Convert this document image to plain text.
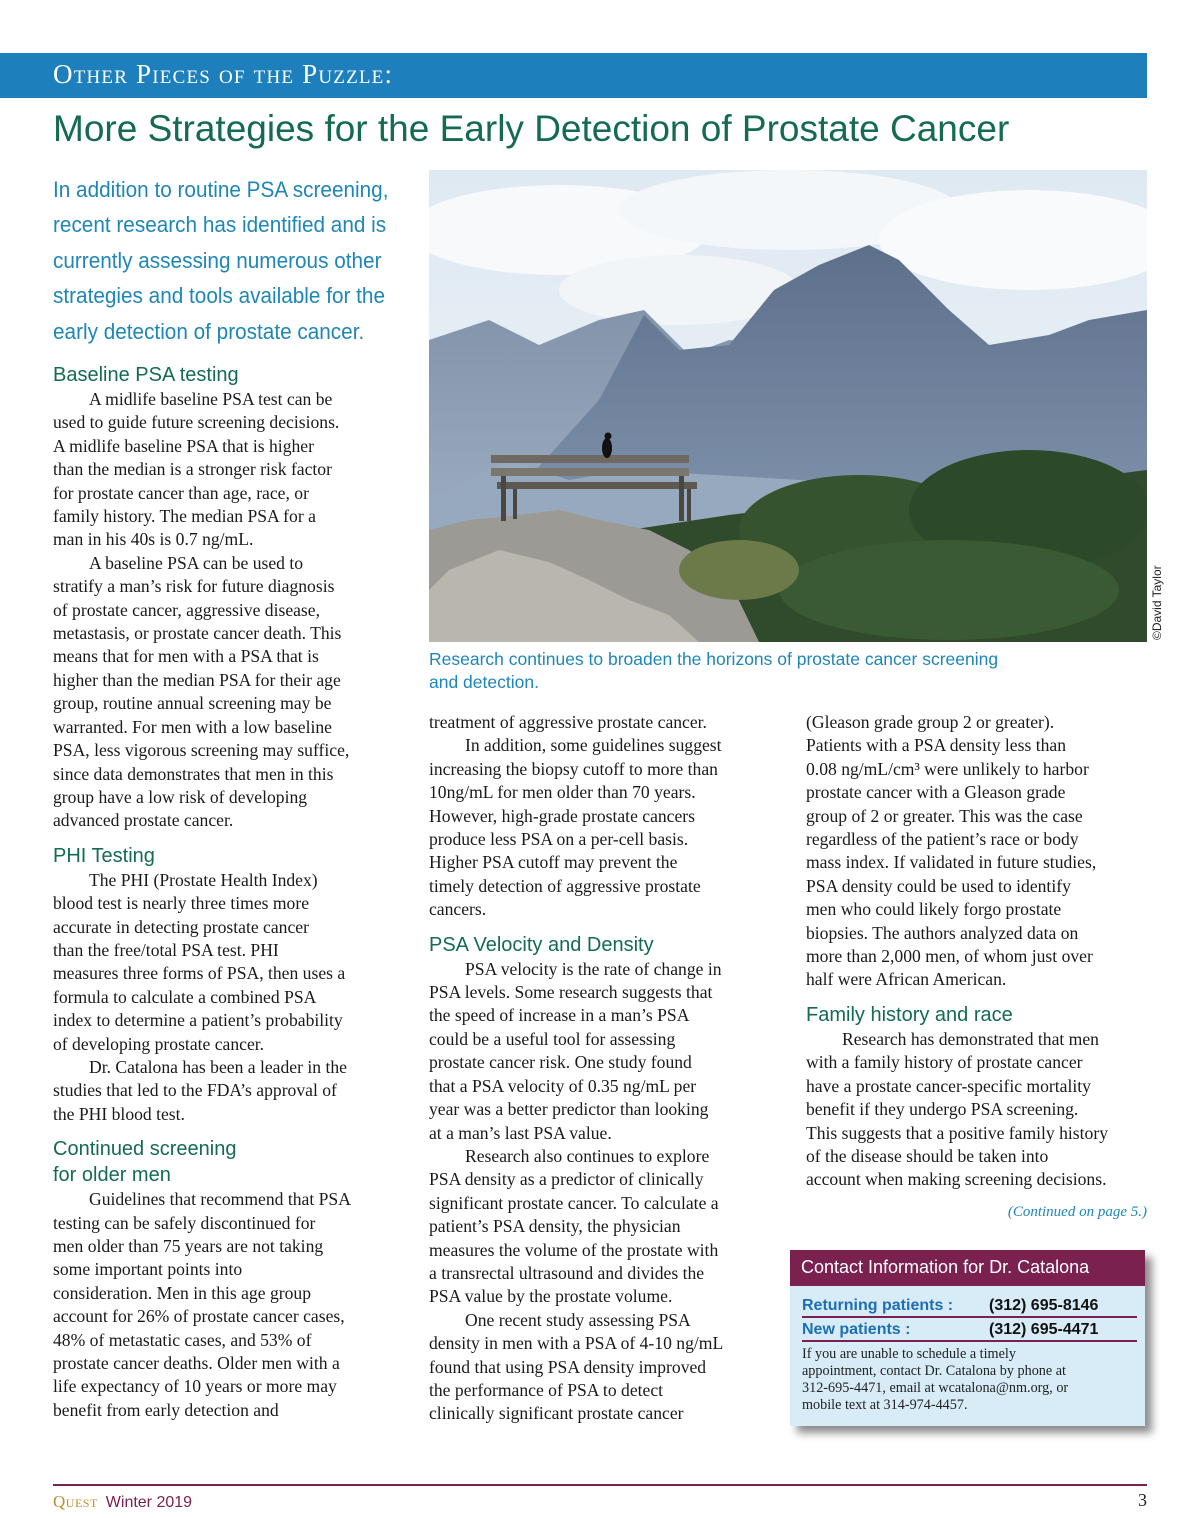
Other Pieces of the Puzzle:
More Strategies for the Early Detection of Prostate Cancer
In addition to routine PSA screening,
recent research has identified and is
currently assessing numerous other
strategies and tools available for the
early detection of prostate cancer.
©David Taylor
Research continues to broaden the horizons of prostate cancer screening
and detection.
Baseline PSA testing
A midlife baseline PSA test can be
used to guide future screening decisions.
A midlife baseline PSA that is higher
than the median is a stronger risk factor
for prostate cancer than age, race, or
family history. The median PSA for a
man in his 40s is 0.7 ng/mL.
A baseline PSA can be used to
stratify a man’s risk for future diagnosis
of prostate cancer, aggressive disease,
metastasis, or prostate cancer death. This
means that for men with a PSA that is
higher than the median PSA for their age
group, routine annual screening may be
warranted. For men with a low baseline
PSA, less vigorous screening may suffice,
since data demonstrates that men in this
group have a low risk of developing
advanced prostate cancer.
PHI Testing
The PHI (Prostate Health Index)
blood test is nearly three times more
accurate in detecting prostate cancer
than the free/total PSA test. PHI
measures three forms of PSA, then uses a
formula to calculate a combined PSA
index to determine a patient’s probability
of developing prostate cancer.
Dr. Catalona has been a leader in the
studies that led to the FDA’s approval of
the PHI blood test.
Continued screening
for older men
Guidelines that recommend that PSA
testing can be safely discontinued for
men older than 75 years are not taking
some important points into
consideration. Men in this age group
account for 26% of prostate cancer cases,
48% of metastatic cases, and 53% of
prostate cancer deaths. Older men with a
life expectancy of 10 years or more may
benefit from early detection and
treatment of aggressive prostate cancer.
In addition, some guidelines suggest
increasing the biopsy cutoff to more than
10ng/mL for men older than 70 years.
However, high-grade prostate cancers
produce less PSA on a per-cell basis.
Higher PSA cutoff may prevent the
timely detection of aggressive prostate
cancers.
PSA Velocity and Density
PSA velocity is the rate of change in
PSA levels. Some research suggests that
the speed of increase in a man’s PSA
could be a useful tool for assessing
prostate cancer risk. One study found
that a PSA velocity of 0.35 ng/mL per
year was a better predictor than looking
at a man’s last PSA value.
Research also continues to explore
PSA density as a predictor of clinically
significant prostate cancer. To calculate a
patient’s PSA density, the physician
measures the volume of the prostate with
a transrectal ultrasound and divides the
PSA value by the prostate volume.
One recent study assessing PSA
density in men with a PSA of 4-10 ng/mL
found that using PSA density improved
the performance of PSA to detect
clinically significant prostate cancer
(Gleason grade group 2 or greater).
Patients with a PSA density less than
0.08 ng/mL/cm³ were unlikely to harbor
prostate cancer with a Gleason grade
group of 2 or greater. This was the case
regardless of the patient’s race or body
mass index. If validated in future studies,
PSA density could be used to identify
men who could likely forgo prostate
biopsies. The authors analyzed data on
more than 2,000 men, of whom just over
half were African American.
Family history and race
Research has demonstrated that men
with a family history of prostate cancer
have a prostate cancer-specific mortality
benefit if they undergo PSA screening.
This suggests that a positive family history
of the disease should be taken into
account when making screening decisions.
(Continued on page 5.)
Contact Information for Dr. Catalona
Returning patients : (312) 695-8146
New patients :	(312) 695-4471
If you are unable to schedule a timely
appointment, contact Dr. Catalona by phone at
312-695-4471, email at wcatalona@nm.org, or
mobile text at 314-974-4457.
Quest Winter 2019	3
